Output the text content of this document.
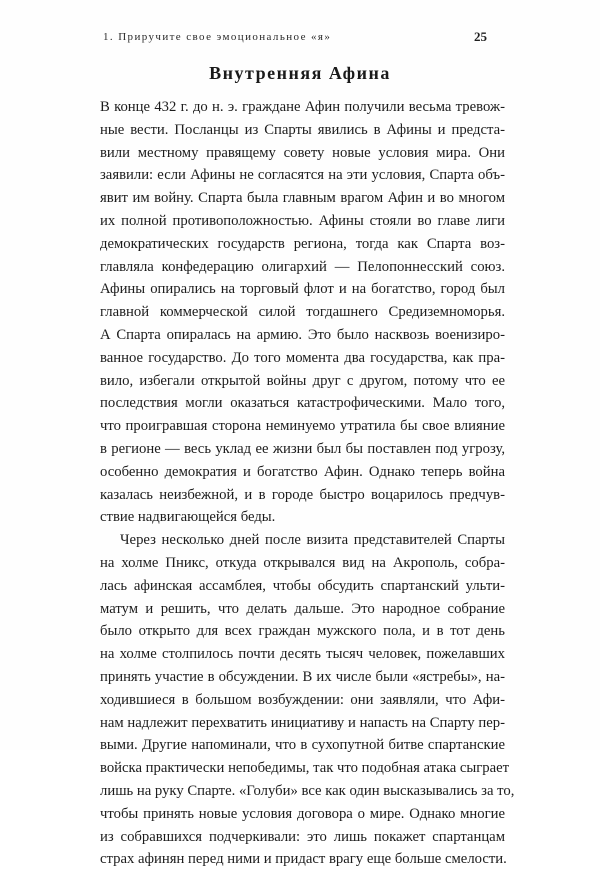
1. Приручите свое эмоциональное «я»	25
Внутренняя Афина
В конце 432 г. до н. э. граждане Афин получили весьма тревож-
ные вести. Посланцы из Спарты явились в Афины и предста-
вили местному правящему совету новые условия мира. Они
заявили: если Афины не согласятся на эти условия, Спарта объ-
явит им войну. Спарта была главным врагом Афин и во многом
их полной противоположностью. Афины стояли во главе лиги
демократических государств региона, тогда как Спарта воз-
главляла конфедерацию олигархий — Пелопоннесский союз.
Афины опирались на торговый флот и на богатство, город был
главной коммерческой силой тогдашнего Средиземноморья.
А Спарта опиралась на армию. Это было насквозь военизиро-
ванное государство. До того момента два государства, как пра-
вило, избегали открытой войны друг с другом, потому что ее
последствия могли оказаться катастрофическими. Мало того,
что проигравшая сторона неминуемо утратила бы свое влияние
в регионе — весь уклад ее жизни был бы поставлен под угрозу,
особенно демократия и богатство Афин. Однако теперь война
казалась неизбежной, и в городе быстро воцарилось предчув-
ствие надвигающейся беды.
Через несколько дней после визита представителей Спарты
на холме Пникс, откуда открывался вид на Акрополь, собра-
лась афинская ассамблея, чтобы обсудить спартанский ульти-
матум и решить, что делать дальше. Это народное собрание
было открыто для всех граждан мужского пола, и в тот день
на холме столпилось почти десять тысяч человек, пожелавших
принять участие в обсуждении. В их числе были «ястребы», на-
ходившиеся в большом возбуждении: они заявляли, что Афи-
нам надлежит перехватить инициативу и напасть на Спарту пер-
выми. Другие напоминали, что в сухопутной битве спартанские
войска практически непобедимы, так что подобная атака сыграет
лишь на руку Спарте. «Голуби» все как один высказывались за то,
чтобы принять новые условия договора о мире. Однако многие
из собравшихся подчеркивали: это лишь покажет спартанцам
страх афинян перед ними и придаст врагу еще больше смелости.
